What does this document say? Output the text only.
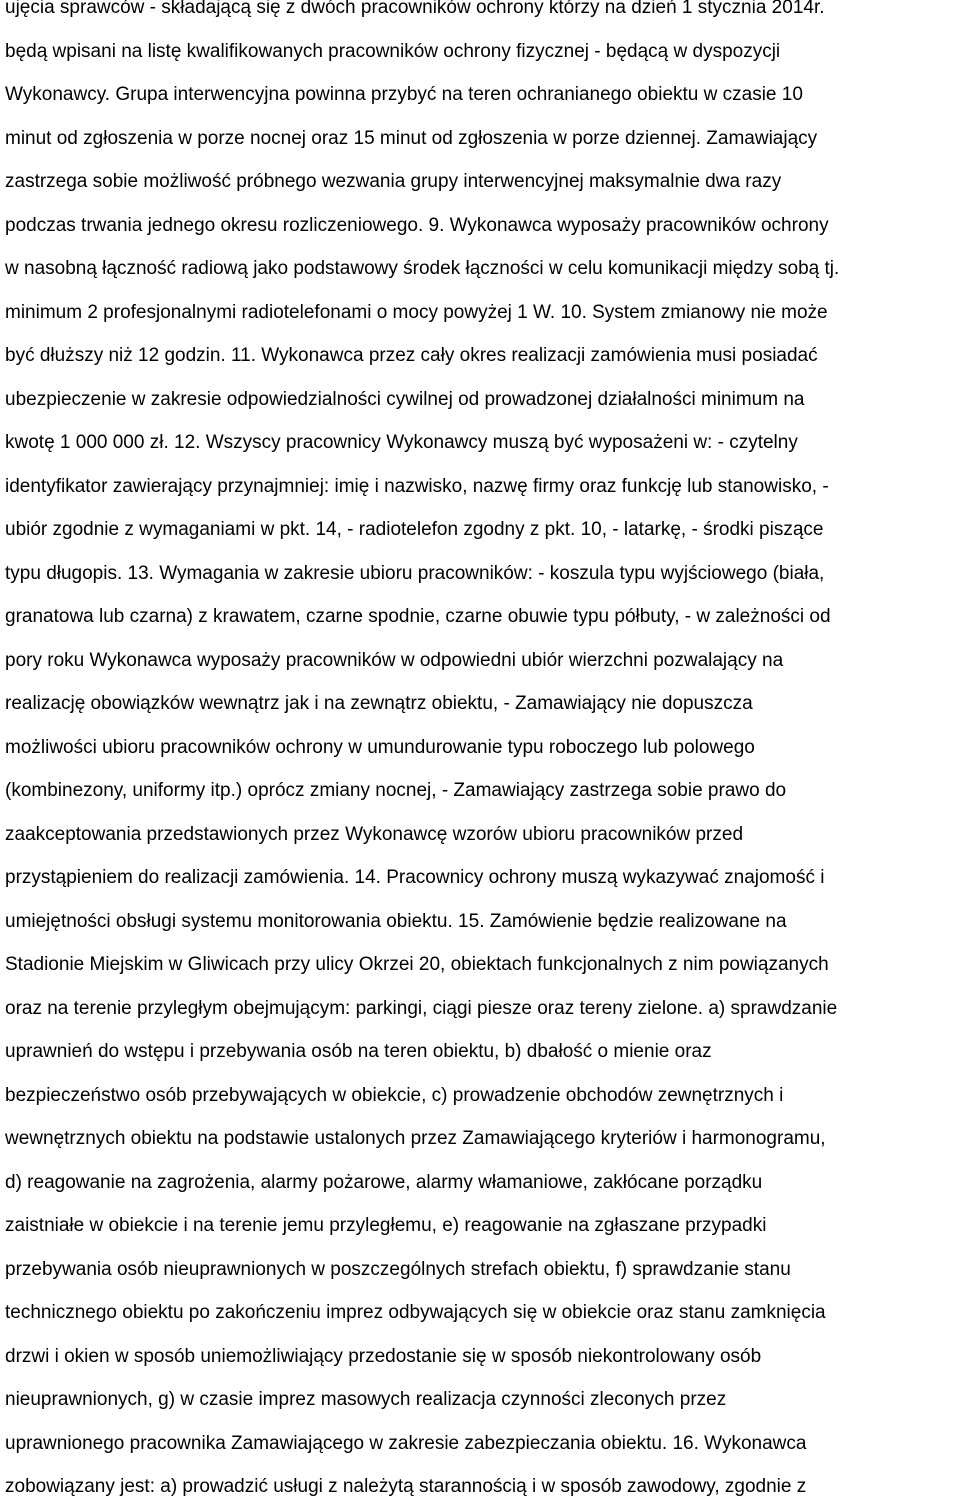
ujęcia sprawców - składającą się z dwóch pracowników ochrony którzy na dzień 1 stycznia 2014r.
będą wpisani na listę kwalifikowanych pracowników ochrony fizycznej - będącą w dyspozycji
Wykonawcy. Grupa interwencyjna powinna przybyć na teren ochranianego obiektu w czasie 10
minut od zgłoszenia w porze nocnej oraz 15 minut od zgłoszenia w porze dziennej. Zamawiający
zastrzega sobie możliwość próbnego wezwania grupy interwencyjnej maksymalnie dwa razy
podczas trwania jednego okresu rozliczeniowego. 9. Wykonawca wyposaży pracowników ochrony
w nasobną łączność radiową jako podstawowy środek łączności w celu komunikacji między sobą tj.
minimum 2 profesjonalnymi radiotelefonami o mocy powyżej 1 W. 10. System zmianowy nie może
być dłuższy niż 12 godzin. 11. Wykonawca przez cały okres realizacji zamówienia musi posiadać
ubezpieczenie w zakresie odpowiedzialności cywilnej od prowadzonej działalności minimum na
kwotę 1 000 000 zł. 12. Wszyscy pracownicy Wykonawcy muszą być wyposażeni w: - czytelny
identyfikator zawierający przynajmniej: imię i nazwisko, nazwę firmy oraz funkcję lub stanowisko, -
ubiór zgodnie z wymaganiami w pkt. 14, - radiotelefon zgodny z pkt. 10, - latarkę, - środki piszące
typu długopis. 13. Wymagania w zakresie ubioru pracowników: - koszula typu wyjściowego (biała,
granatowa lub czarna) z krawatem, czarne spodnie, czarne obuwie typu półbuty, - w zależności od
pory roku Wykonawca wyposaży pracowników w odpowiedni ubiór wierzchni pozwalający na
realizację obowiązków wewnątrz jak i na zewnątrz obiektu, - Zamawiający nie dopuszcza
możliwości ubioru pracowników ochrony w umundurowanie typu roboczego lub polowego
(kombinezony, uniformy itp.) oprócz zmiany nocnej, - Zamawiający zastrzega sobie prawo do
zaakceptowania przedstawionych przez Wykonawcę wzorów ubioru pracowników przed
przystąpieniem do realizacji zamówienia. 14. Pracownicy ochrony muszą wykazywać znajomość i
umiejętności obsługi systemu monitorowania obiektu. 15. Zamówienie będzie realizowane na
Stadionie Miejskim w Gliwicach przy ulicy Okrzei 20, obiektach funkcjonalnych z nim powiązanych
oraz na terenie przyległym obejmującym: parkingi, ciągi piesze oraz tereny zielone. a) sprawdzanie
uprawnień do wstępu i przebywania osób na teren obiektu, b) dbałość o mienie oraz
bezpieczeństwo osób przebywających w obiekcie, c) prowadzenie obchodów zewnętrznych i
wewnętrznych obiektu na podstawie ustalonych przez Zamawiającego kryteriów i harmonogramu,
d) reagowanie na zagrożenia, alarmy pożarowe, alarmy włamaniowe, zakłócane porządku
zaistniałe w obiekcie i na terenie jemu przyległemu, e) reagowanie na zgłaszane przypadki
przebywania osób nieuprawnionych w poszczególnych strefach obiektu, f) sprawdzanie stanu
technicznego obiektu po zakończeniu imprez odbywających się w obiekcie oraz stanu zamknięcia
drzwi i okien w sposób uniemożliwiający przedostanie się w sposób niekontrolowany osób
nieuprawnionych, g) w czasie imprez masowych realizacja czynności zleconych przez
uprawnionego pracownika Zamawiającego w zakresie zabezpieczania obiektu. 16. Wykonawca
zobowiązany jest: a) prowadzić usługi z należytą starannością i w sposób zawodowy, zgodnie z
